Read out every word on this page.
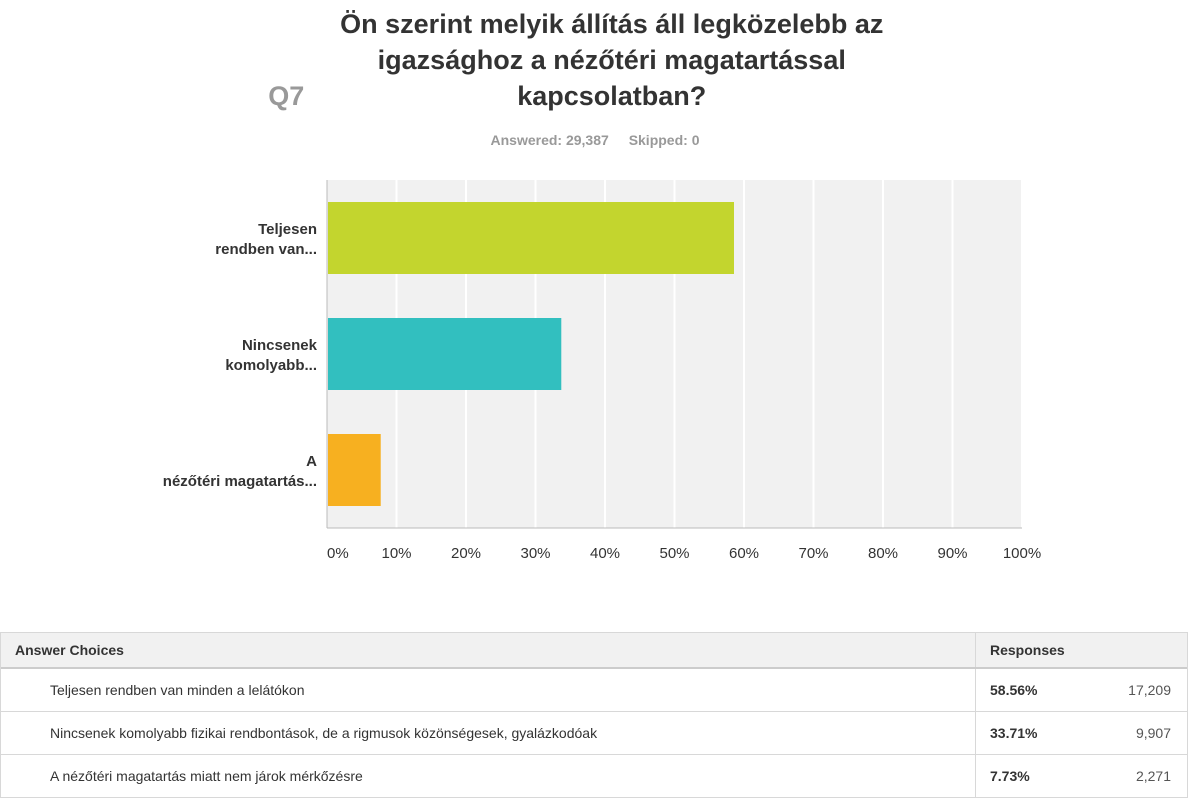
Q7 Ön szerint melyik állítás áll legközelebb az igazsághoz a nézőtéri magatartással kapcsolatban?
Answered: 29,387 Skipped: 0
0% 10%	20%	30%	40%	50%	60%	70%	80%	90% 100%
Teljesen rendben van...
Nincsenek komolyabb...
A nézőtéri magatartás...
Answer Choices	Responses
Teljesen rendben van minden a lelátókon	58.56%	17,209
Nincsenek komolyabb fizikai rendbontások, de a rigmusok közönségesek, gyalázkodóak	33.71%	9,907
A nézőtéri magatartás miatt nem járok mérkőzésre	7.73%	2,271
